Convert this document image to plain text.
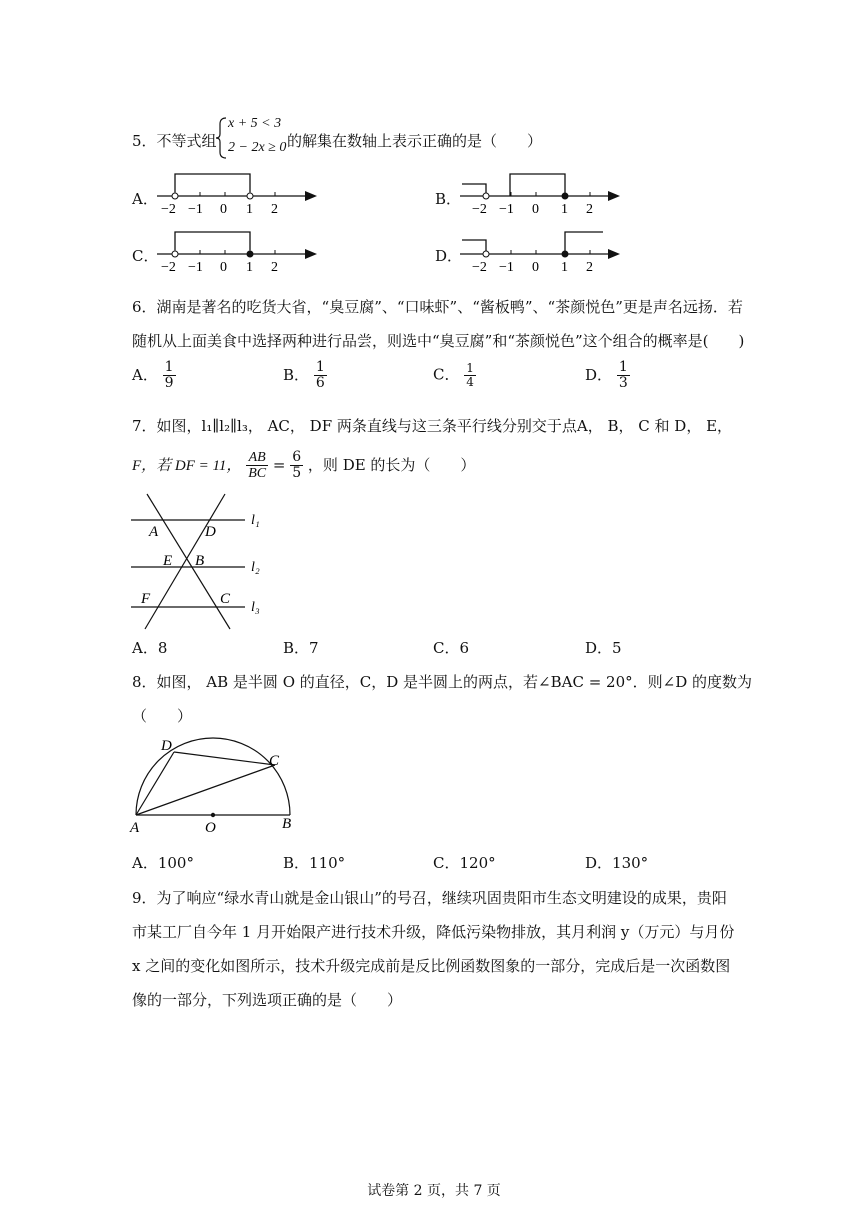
5．不等式组
x + 5 < 3
2 − 2x ≥ 0 的解集在数轴上表示正确的是（　　）
A．
−2 −1 0 1 2
B．
−2 −1 0 1 2
C．
−2 −1 0 1 2
D．
−2 −1 0 1 2
6．湖南是著名的吃货大省，“臭豆腐”、“口味虾”、“酱板鸭”、“茶颜悦色”更是声名远扬．若
随机从上面美食中选择两种进行品尝，则选中“臭豆腐”和“茶颜悦色”这个组合的概率是(　　)
A． $\frac{1}{9}$	B． $\frac{1}{6}$	C． $\frac{1}{4}$	D． $\frac{1}{3}$
7．如图，l₁∥l₂∥l₃， AC， DF 两条直线与这三条平行线分别交于点A， B， C 和 D， E，
F，若 DF = 11， $\frac{AB}{BC} = \frac{6}{5}$ ，则 DE 的长为（　　）
A	D
E B
F	C
l₁
l₂
l₃
A．8	B．7	C．6	D．5
8．如图， AB 是半圆 O 的直径，C，D 是半圆上的两点，若∠BAC = 20°．则∠D 的度数为
（　　）
D
C
A	O	B
A．100°	B．110°	C．120°	D．130°
9．为了响应“绿水青山就是金山银山”的号召，继续巩固贵阳市生态文明建设的成果，贵阳
市某工厂自今年 1 月开始限产进行技术升级，降低污染物排放，其月利润 y（万元）与月份
x 之间的变化如图所示，技术升级完成前是反比例函数图象的一部分，完成后是一次函数图
像的一部分，下列选项正确的是（　　）
试卷第 2 页，共 7 页
